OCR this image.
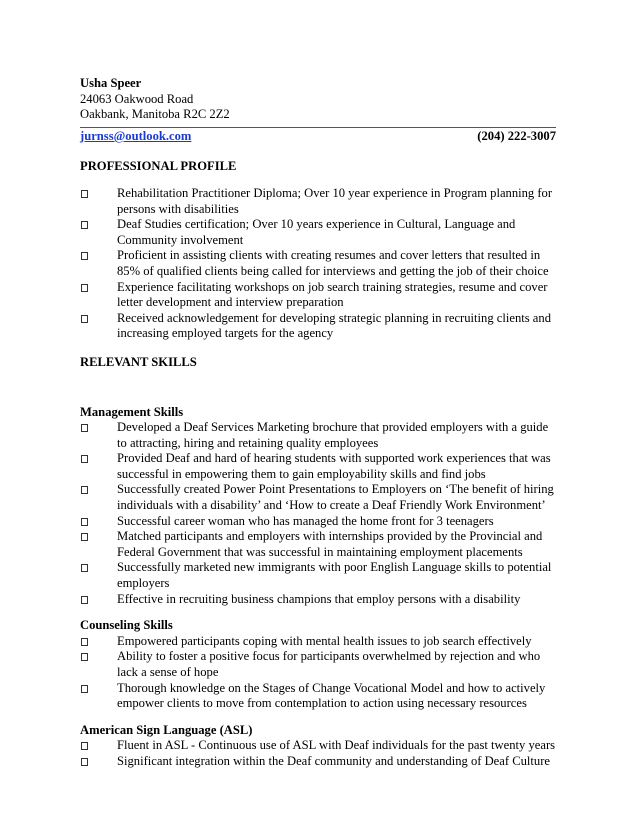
Usha Speer
24063 Oakwood Road
Oakbank, Manitoba R2C 2Z2
jurnss@outlook.com	(204) 222-3007
PROFESSIONAL PROFILE
Rehabilitation Practitioner Diploma; Over 10 year experience in Program planning for persons with disabilities
Deaf Studies certification; Over 10 years experience in Cultural, Language and Community involvement
Proficient in assisting clients with creating resumes and cover letters that resulted in 85% of qualified clients being called for interviews and getting the job of their choice
Experience facilitating workshops on job search training strategies, resume and cover letter development and interview preparation
Received acknowledgement for developing strategic planning in recruiting clients and increasing employed targets for the agency
RELEVANT SKILLS
Management Skills
Developed a Deaf Services Marketing brochure that provided employers with a guide to attracting, hiring and retaining quality employees
Provided Deaf and hard of hearing students with supported work experiences that was successful in empowering them to gain employability skills and find jobs
Successfully created Power Point Presentations to Employers on ‘The benefit of hiring individuals with a disability’ and ‘How to create a Deaf Friendly Work Environment’
Successful career woman who has managed the home front for 3 teenagers
Matched participants and employers with internships provided by the Provincial and Federal Government that was successful in maintaining employment placements
Successfully marketed new immigrants with poor English Language skills to potential employers
Effective in recruiting business champions that employ persons with a disability
Counseling Skills
Empowered participants coping with mental health issues to job search effectively
Ability to foster a positive focus for participants overwhelmed by rejection and who lack a sense of hope
Thorough knowledge on the Stages of Change Vocational Model and how to actively empower clients to move from contemplation to action using necessary resources
American Sign Language (ASL)
Fluent in ASL - Continuous use of ASL with Deaf individuals for the past twenty years
Significant integration within the Deaf community and understanding of Deaf Culture
